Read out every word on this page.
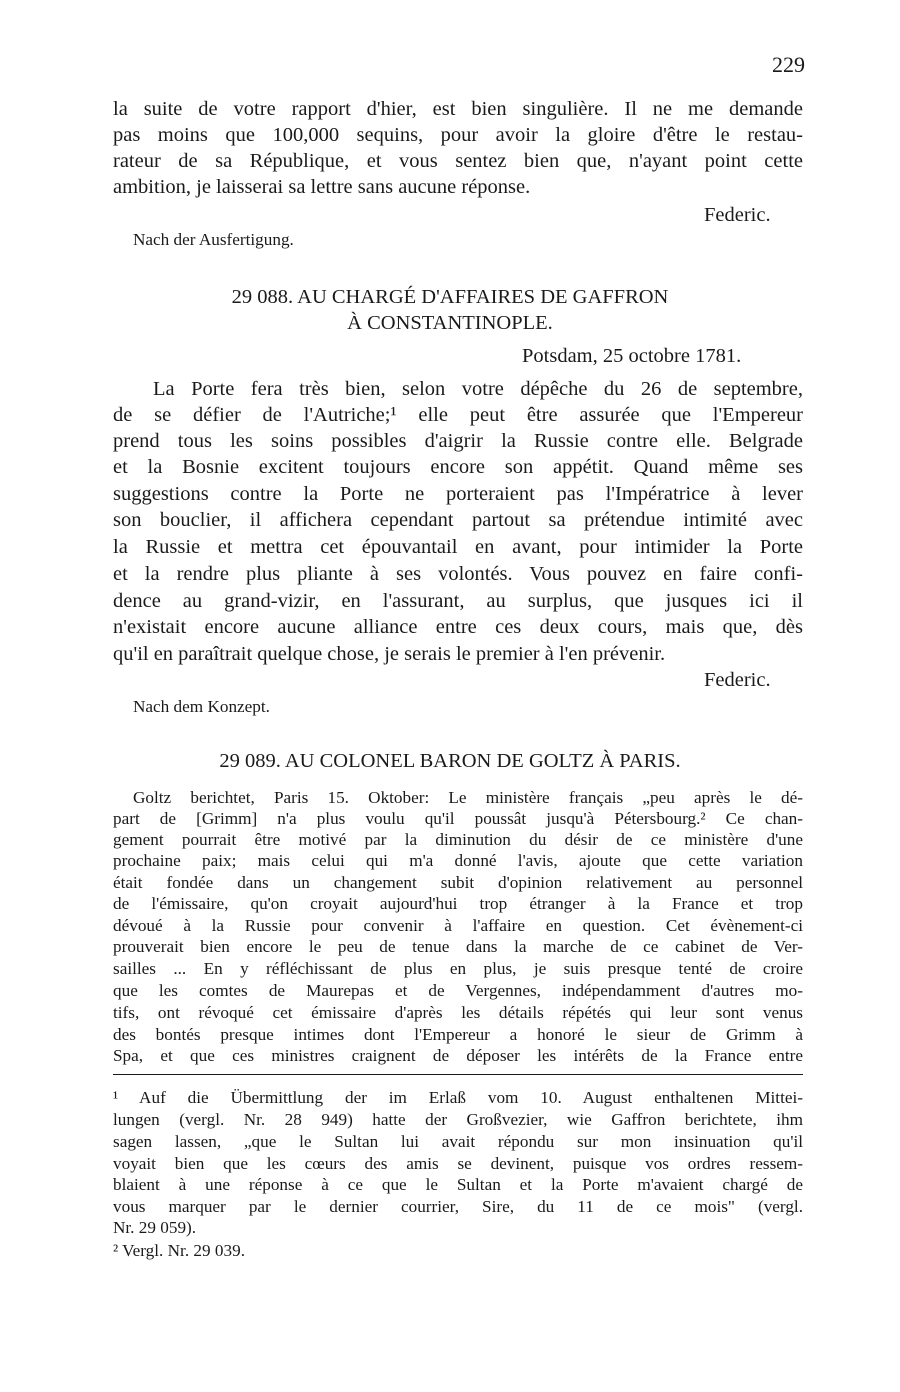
229
la suite de votre rapport d'hier, est bien singulière. Il ne me demande
pas moins que 100,000 sequins, pour avoir la gloire d'être le restau-
rateur de sa République, et vous sentez bien que, n'ayant point cette
ambition, je laisserai sa lettre sans aucune réponse.
Federic.
Nach der Ausfertigung.
29 088. AU CHARGÉ D'AFFAIRES DE GAFFRON
À CONSTANTINOPLE.
Potsdam, 25 octobre 1781.
La Porte fera très bien, selon votre dépêche du 26 de septembre,
de se défier de l'Autriche;¹ elle peut être assurée que l'Empereur
prend tous les soins possibles d'aigrir la Russie contre elle. Belgrade
et la Bosnie excitent toujours encore son appétit. Quand même ses
suggestions contre la Porte ne porteraient pas l'Impératrice à lever
son bouclier, il affichera cependant partout sa prétendue intimité avec
la Russie et mettra cet épouvantail en avant, pour intimider la Porte
et la rendre plus pliante à ses volontés. Vous pouvez en faire confi-
dence au grand-vizir, en l'assurant, au surplus, que jusques ici il
n'existait encore aucune alliance entre ces deux cours, mais que, dès
qu'il en paraîtrait quelque chose, je serais le premier à l'en prévenir.
Federic.
Nach dem Konzept.
29 089. AU COLONEL BARON DE GOLTZ À PARIS.
Goltz berichtet, Paris 15. Oktober: Le ministère français „peu après le dé-
part de [Grimm] n'a plus voulu qu'il poussât jusqu'à Pétersbourg.² Ce chan-
gement pourrait être motivé par la diminution du désir de ce ministère d'une
prochaine paix; mais celui qui m'a donné l'avis, ajoute que cette variation
était fondée dans un changement subit d'opinion relativement au personnel
de l'émissaire, qu'on croyait aujourd'hui trop étranger à la France et trop
dévoué à la Russie pour convenir à l'affaire en question. Cet évènement-ci
prouverait bien encore le peu de tenue dans la marche de ce cabinet de Ver-
sailles ... En y réfléchissant de plus en plus, je suis presque tenté de croire
que les comtes de Maurepas et de Vergennes, indépendamment d'autres mo-
tifs, ont révoqué cet émissaire d'après les détails répétés qui leur sont venus
des bontés presque intimes dont l'Empereur a honoré le sieur de Grimm à
Spa, et que ces ministres craignent de déposer les intérêts de la France entre
¹ Auf die Übermittlung der im Erlaß vom 10. August enthaltenen Mittei-
lungen (vergl. Nr. 28 949) hatte der Großvezier, wie Gaffron berichtete, ihm
sagen lassen, „que le Sultan lui avait répondu sur mon insinuation qu'il
voyait bien que les cœurs des amis se devinent, puisque vos ordres ressem-
blaient à une réponse à ce que le Sultan et la Porte m'avaient chargé de
vous marquer par le dernier courrier, Sire, du 11 de ce mois" (vergl.
Nr. 29 059).
² Vergl. Nr. 29 039.
